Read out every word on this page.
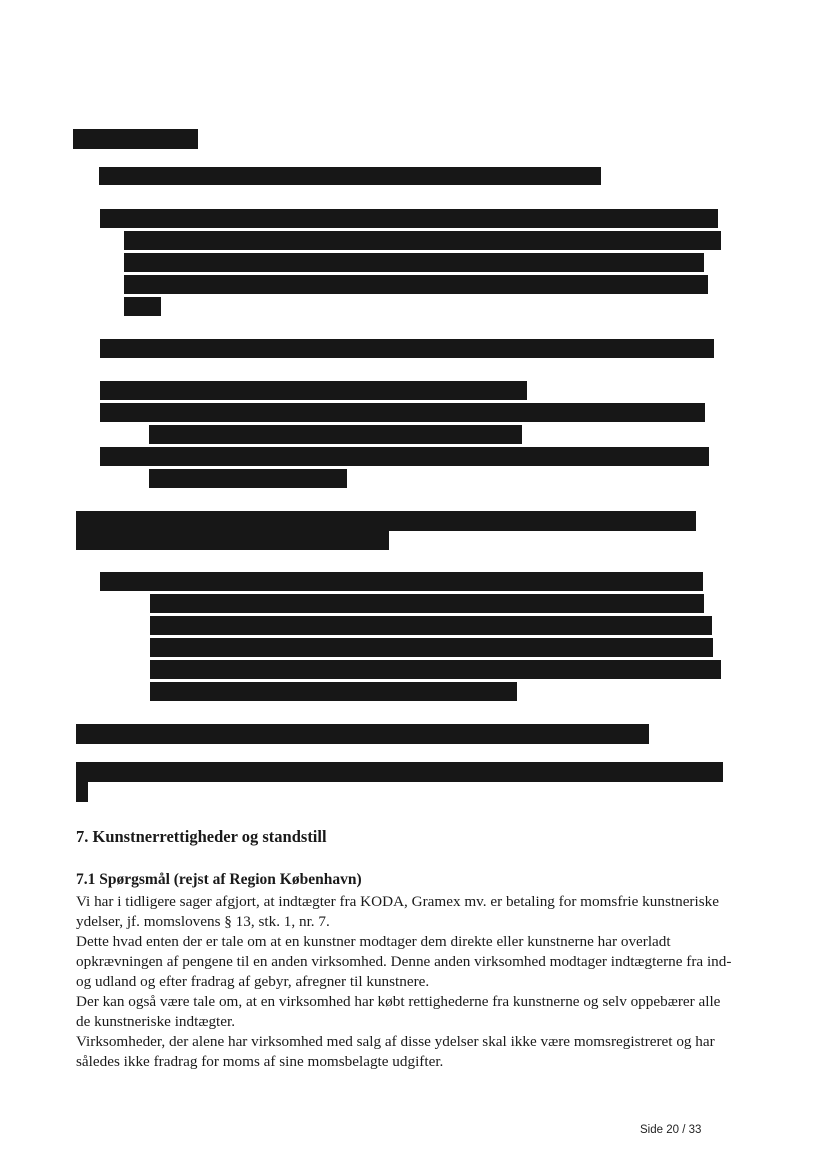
7. Kunstnerrettigheder og standstill
7.1 Spørgsmål (rejst af Region København)
Vi har i tidligere sager afgjort, at indtægter fra KODA, Gramex mv. er betaling for momsfrie kunstneriske ydelser, jf. momslovens § 13, stk. 1, nr. 7.
Dette hvad enten der er tale om at en kunstner modtager dem direkte eller kunstnerne har overladt opkrævningen af pengene til en anden virksomhed. Denne anden virksomhed modtager indtægterne fra ind- og udland og efter fradrag af gebyr, afregner til kunstnere.
Der kan også være tale om, at en virksomhed har købt rettighederne fra kunstnerne og selv oppebærer alle de kunstneriske indtægter.
Virksomheder, der alene har virksomhed med salg af disse ydelser skal ikke være momsregistreret og har således ikke fradrag for moms af sine momsbelagte udgifter.
Side 20 / 33
